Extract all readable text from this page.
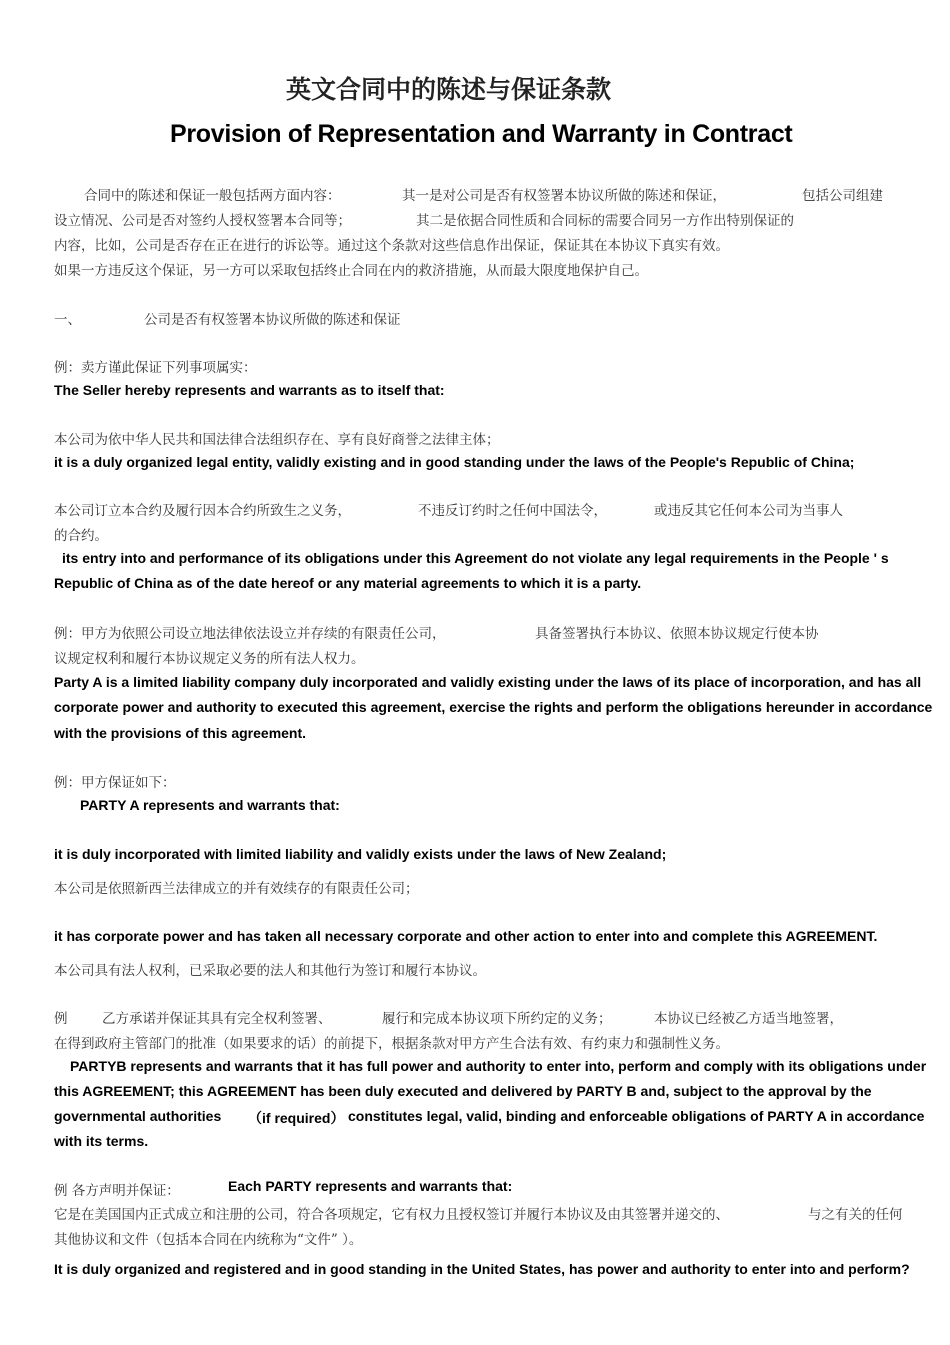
英文合同中的陈述与保证条款
Provision of Representation and Warranty in Contract

合同中的陈述和保证一般包括两方面内容：	其一是对公司是否有权签署本协议所做的陈述和保证，	包括公司组建

设立情况、公司是否对签约人授权签署本合同等；	其二是依据合同性质和合同标的需要合同另一方作出特别保证的

内容，比如，公司是否存在正在进行的诉讼等。通过这个条款对这些信息作出保证，保证其在本协议下真实有效。

如果一方违反这个保证，另一方可以采取包括终止合同在内的救济措施，从而最大限度地保护自己。

一、	公司是否有权签署本协议所做的陈述和保证

例：卖方谨此保证下列事项属实：

The Seller hereby represents and warrants as to itself that:

本公司为依中华人民共和国法律合法组织存在、享有良好商誉之法律主体；

it is a duly organized legal entity, validly existing and in good standing under the laws of the People's Republic of China;

本公司订立本合约及履行因本合约所致生之义务，	不违反订约时之任何中国法令，	或违反其它任何本公司为当事人

的合约。

its entry into and performance of its obligations under this Agreement do not violate any legal requirements in the People ' s

Republic of China as of the date hereof or any material agreements to which it is a party.

例：甲方为依照公司设立地法律依法设立并存续的有限责任公司，	具备签署执行本协议、依照本协议规定行使本协

议规定权利和履行本协议规定义务的所有法人权力。

Party A is a limited liability company duly incorporated and validly existing under the laws of its place of incorporation, and has all

corporate power and authority to executed this agreement, exercise the rights and perform the obligations hereunder in accordance

with the provisions of this agreement.

例：甲方保证如下：

PARTY A represents and warrants that:

it is duly incorporated with limited liability and validly exists under the laws of New Zealand;

本公司是依照新西兰法律成立的并有效续存的有限责任公司；

it has corporate power and has taken all necessary corporate and other action to enter into and complete this AGREEMENT.

本公司具有法人权利，已采取必要的法人和其他行为签订和履行本协议。

例	乙方承诺并保证其具有完全权利签署、	履行和完成本协议项下所约定的义务；	本协议已经被乙方适当地签署，

在得到政府主管部门的批准（如果要求的话）的前提下，根据条款对甲方产生合法有效、有约束力和强制性义务。

PARTYB represents and warrants that it has full power and authority to enter into, perform and comply with its obligations under

this AGREEMENT; this AGREEMENT has been duly executed and delivered by PARTY B and, subject to the approval by the

governmental authorities （if required） constitutes legal, valid, binding and enforceable obligations of PARTY A in accordance

with its terms.

例 各方声明并保证：	Each PARTY represents and warrants that:

它是在美国国内正式成立和注册的公司，符合各项规定，它有权力且授权签订并履行本协议及由其签署并递交的、	与之有关的任何

其他协议和文件（包括本合同在内统称为“文件” ）。

It is duly organized and registered and in good standing in the United States, has power and authority to enter into and perform?
